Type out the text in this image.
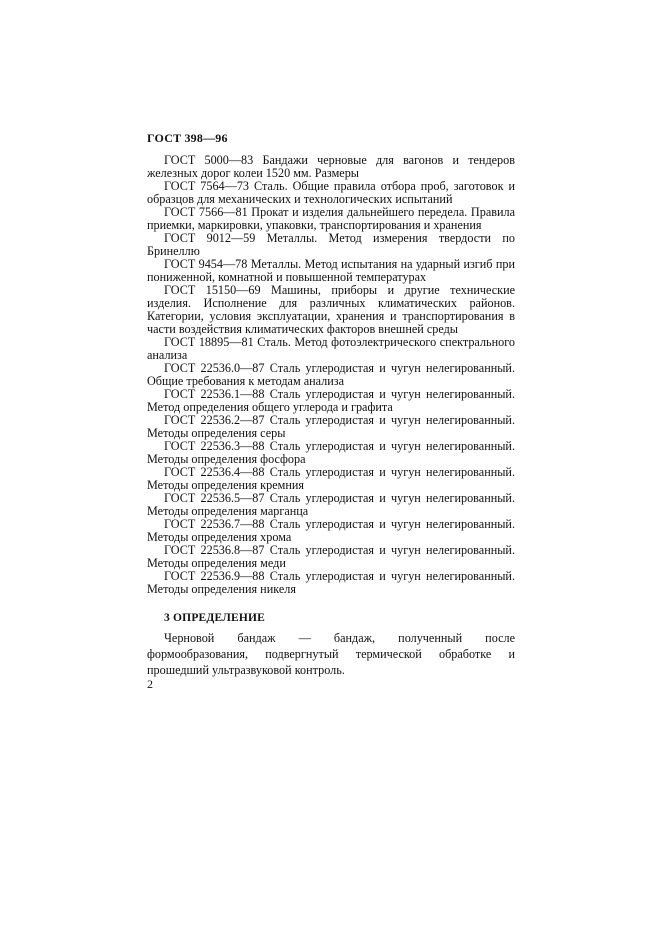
ГОСТ 398—96

ГОСТ 5000—83 Бандажи черновые для вагонов и тендеров железных дорог колеи 1520 мм. Размеры

ГОСТ 7564—73 Сталь. Общие правила отбора проб, заготовок и образцов для механических и технологических испытаний

ГОСТ 7566—81 Прокат и изделия дальнейшего передела. Правила приемки, маркировки, упаковки, транспортирования и хранения

ГОСТ 9012—59 Металлы. Метод измерения твердости по Бринеллю

ГОСТ 9454—78 Металлы. Метод испытания на ударный изгиб при пониженной, комнатной и повышенной температурах

ГОСТ 15150—69 Машины, приборы и другие технические изделия. Исполнение для различных климатических районов. Категории, условия эксплуатации, хранения и транспортирования в части воздействия климатических факторов внешней среды

ГОСТ 18895—81 Сталь. Метод фотоэлектрического спектрального анализа

ГОСТ 22536.0—87 Сталь углеродистая и чугун нелегированный. Общие требования к методам анализа

ГОСТ 22536.1—88 Сталь углеродистая и чугун нелегированный. Метод определения общего углерода и графита

ГОСТ 22536.2—87 Сталь углеродистая и чугун нелегированный. Методы определения серы

ГОСТ 22536.3—88 Сталь углеродистая и чугун нелегированный. Методы определения фосфора

ГОСТ 22536.4—88 Сталь углеродистая и чугун нелегированный. Методы определения кремния

ГОСТ 22536.5—87 Сталь углеродистая и чугун нелегированный. Методы определения марганца

ГОСТ 22536.7—88 Сталь углеродистая и чугун нелегированный. Методы определения хрома

ГОСТ 22536.8—87 Сталь углеродистая и чугун нелегированный. Методы определения меди

ГОСТ 22536.9—88 Сталь углеродистая и чугун нелегированный. Методы определения никеля

3 ОПРЕДЕЛЕНИЕ

Черновой бандаж — бандаж, полученный после формообразования, подвергнутый термической обработке и прошедший ультразвуковой контроль.

2
